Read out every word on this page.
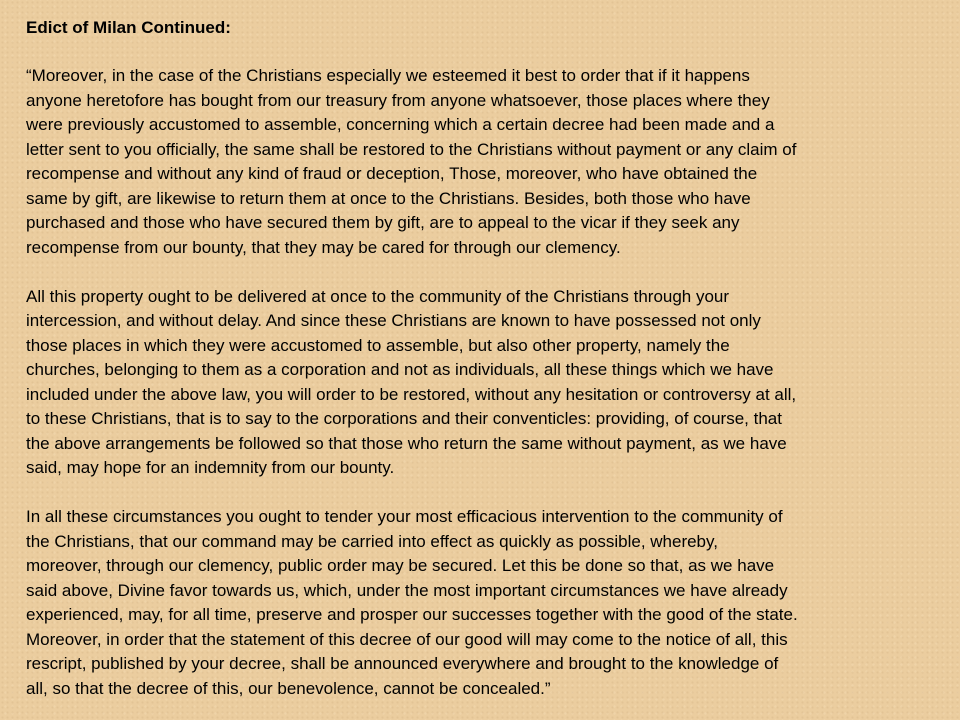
Edict of Milan Continued:

“Moreover, in the case of the Christians especially we esteemed it best to order that if it happens
anyone heretofore has bought from our treasury from anyone whatsoever, those places where they
were previously accustomed to assemble, concerning which a certain decree had been made and a
letter sent to you officially, the same shall be restored to the Christians without payment or any claim of
recompense and without any kind of fraud or deception, Those, moreover, who have obtained the
same by gift, are likewise to return them at once to the Christians. Besides, both those who have
purchased and those who have secured them by gift, are to appeal to the vicar if they seek any
recompense from our bounty, that they may be cared for through our clemency.

All this property ought to be delivered at once to the community of the Christians through your
intercession, and without delay. And since these Christians are known to have possessed not only
those places in which they were accustomed to assemble, but also other property, namely the
churches, belonging to them as a corporation and not as individuals, all these things which we have
included under the above law, you will order to be restored, without any hesitation or controversy at all,
to these Christians, that is to say to the corporations and their conventicles: providing, of course, that
the above arrangements be followed so that those who return the same without payment, as we have
said, may hope for an indemnity from our bounty.

In all these circumstances you ought to tender your most efficacious intervention to the community of
the Christians, that our command may be carried into effect as quickly as possible, whereby,
moreover, through our clemency, public order may be secured. Let this be done so that, as we have
said above, Divine favor towards us, which, under the most important circumstances we have already
experienced, may, for all time, preserve and prosper our successes together with the good of the state.
Moreover, in order that the statement of this decree of our good will may come to the notice of all, this
rescript, published by your decree, shall be announced everywhere and brought to the knowledge of
all, so that the decree of this, our benevolence, cannot be concealed.”
